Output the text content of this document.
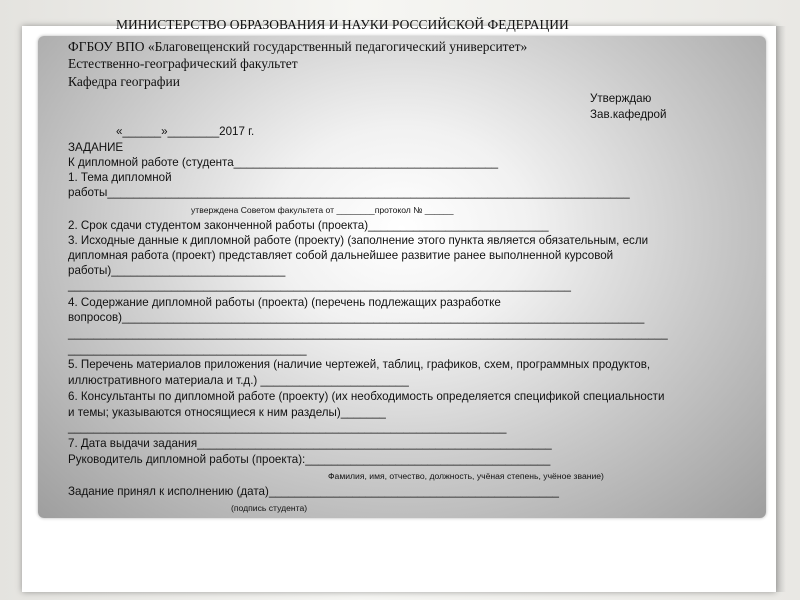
МИНИСТЕРСТВО ОБРАЗОВАНИЯ И НАУКИ РОССИЙСКОЙ ФЕДЕРАЦИИ
ФГБОУ ВПО «Благовещенский государственный педагогический университет»
Естественно-географический факультет
Кафедра географии
Утверждаю
Зав.кафедрой
«______»________2017 г.
ЗАДАНИЕ
К дипломной работе (студента_________________________________________
1. Тема дипломной
работы_________________________________________________________________________________
утверждена Советом факультета от ________протокол № ______
2. Срок сдачи студентом законченной работы (проекта)____________________________
3. Исходные данные к дипломной работе (проекту) (заполнение этого пункта является обязательным, если
дипломная работа (проект) представляет собой дальнейшее развитие ранее выполненной курсовой
работы)___________________________
______________________________________________________________________________
4. Содержание дипломной работы (проекта) (перечень подлежащих разработке
вопросов)_________________________________________________________________________________
_____________________________________________________________________________________________
_____________________________________
5. Перечень материалов приложения (наличие чертежей, таблиц, графиков, схем, программных продуктов,
иллюстративного материала и т.д.) _______________________
6. Консультанты по дипломной работе (проекту) (их необходимость определяется спецификой специальности
и темы; указываются относящиеся к ним разделы)_______
____________________________________________________________________
7. Дата выдачи задания_______________________________________________________
Руководитель дипломной работы (проекта):______________________________________
Фамилия, имя, отчество, должность, учёная степень, учёное звание)
Задание принял к исполнению (дата)_____________________________________________
(подпись студента)
